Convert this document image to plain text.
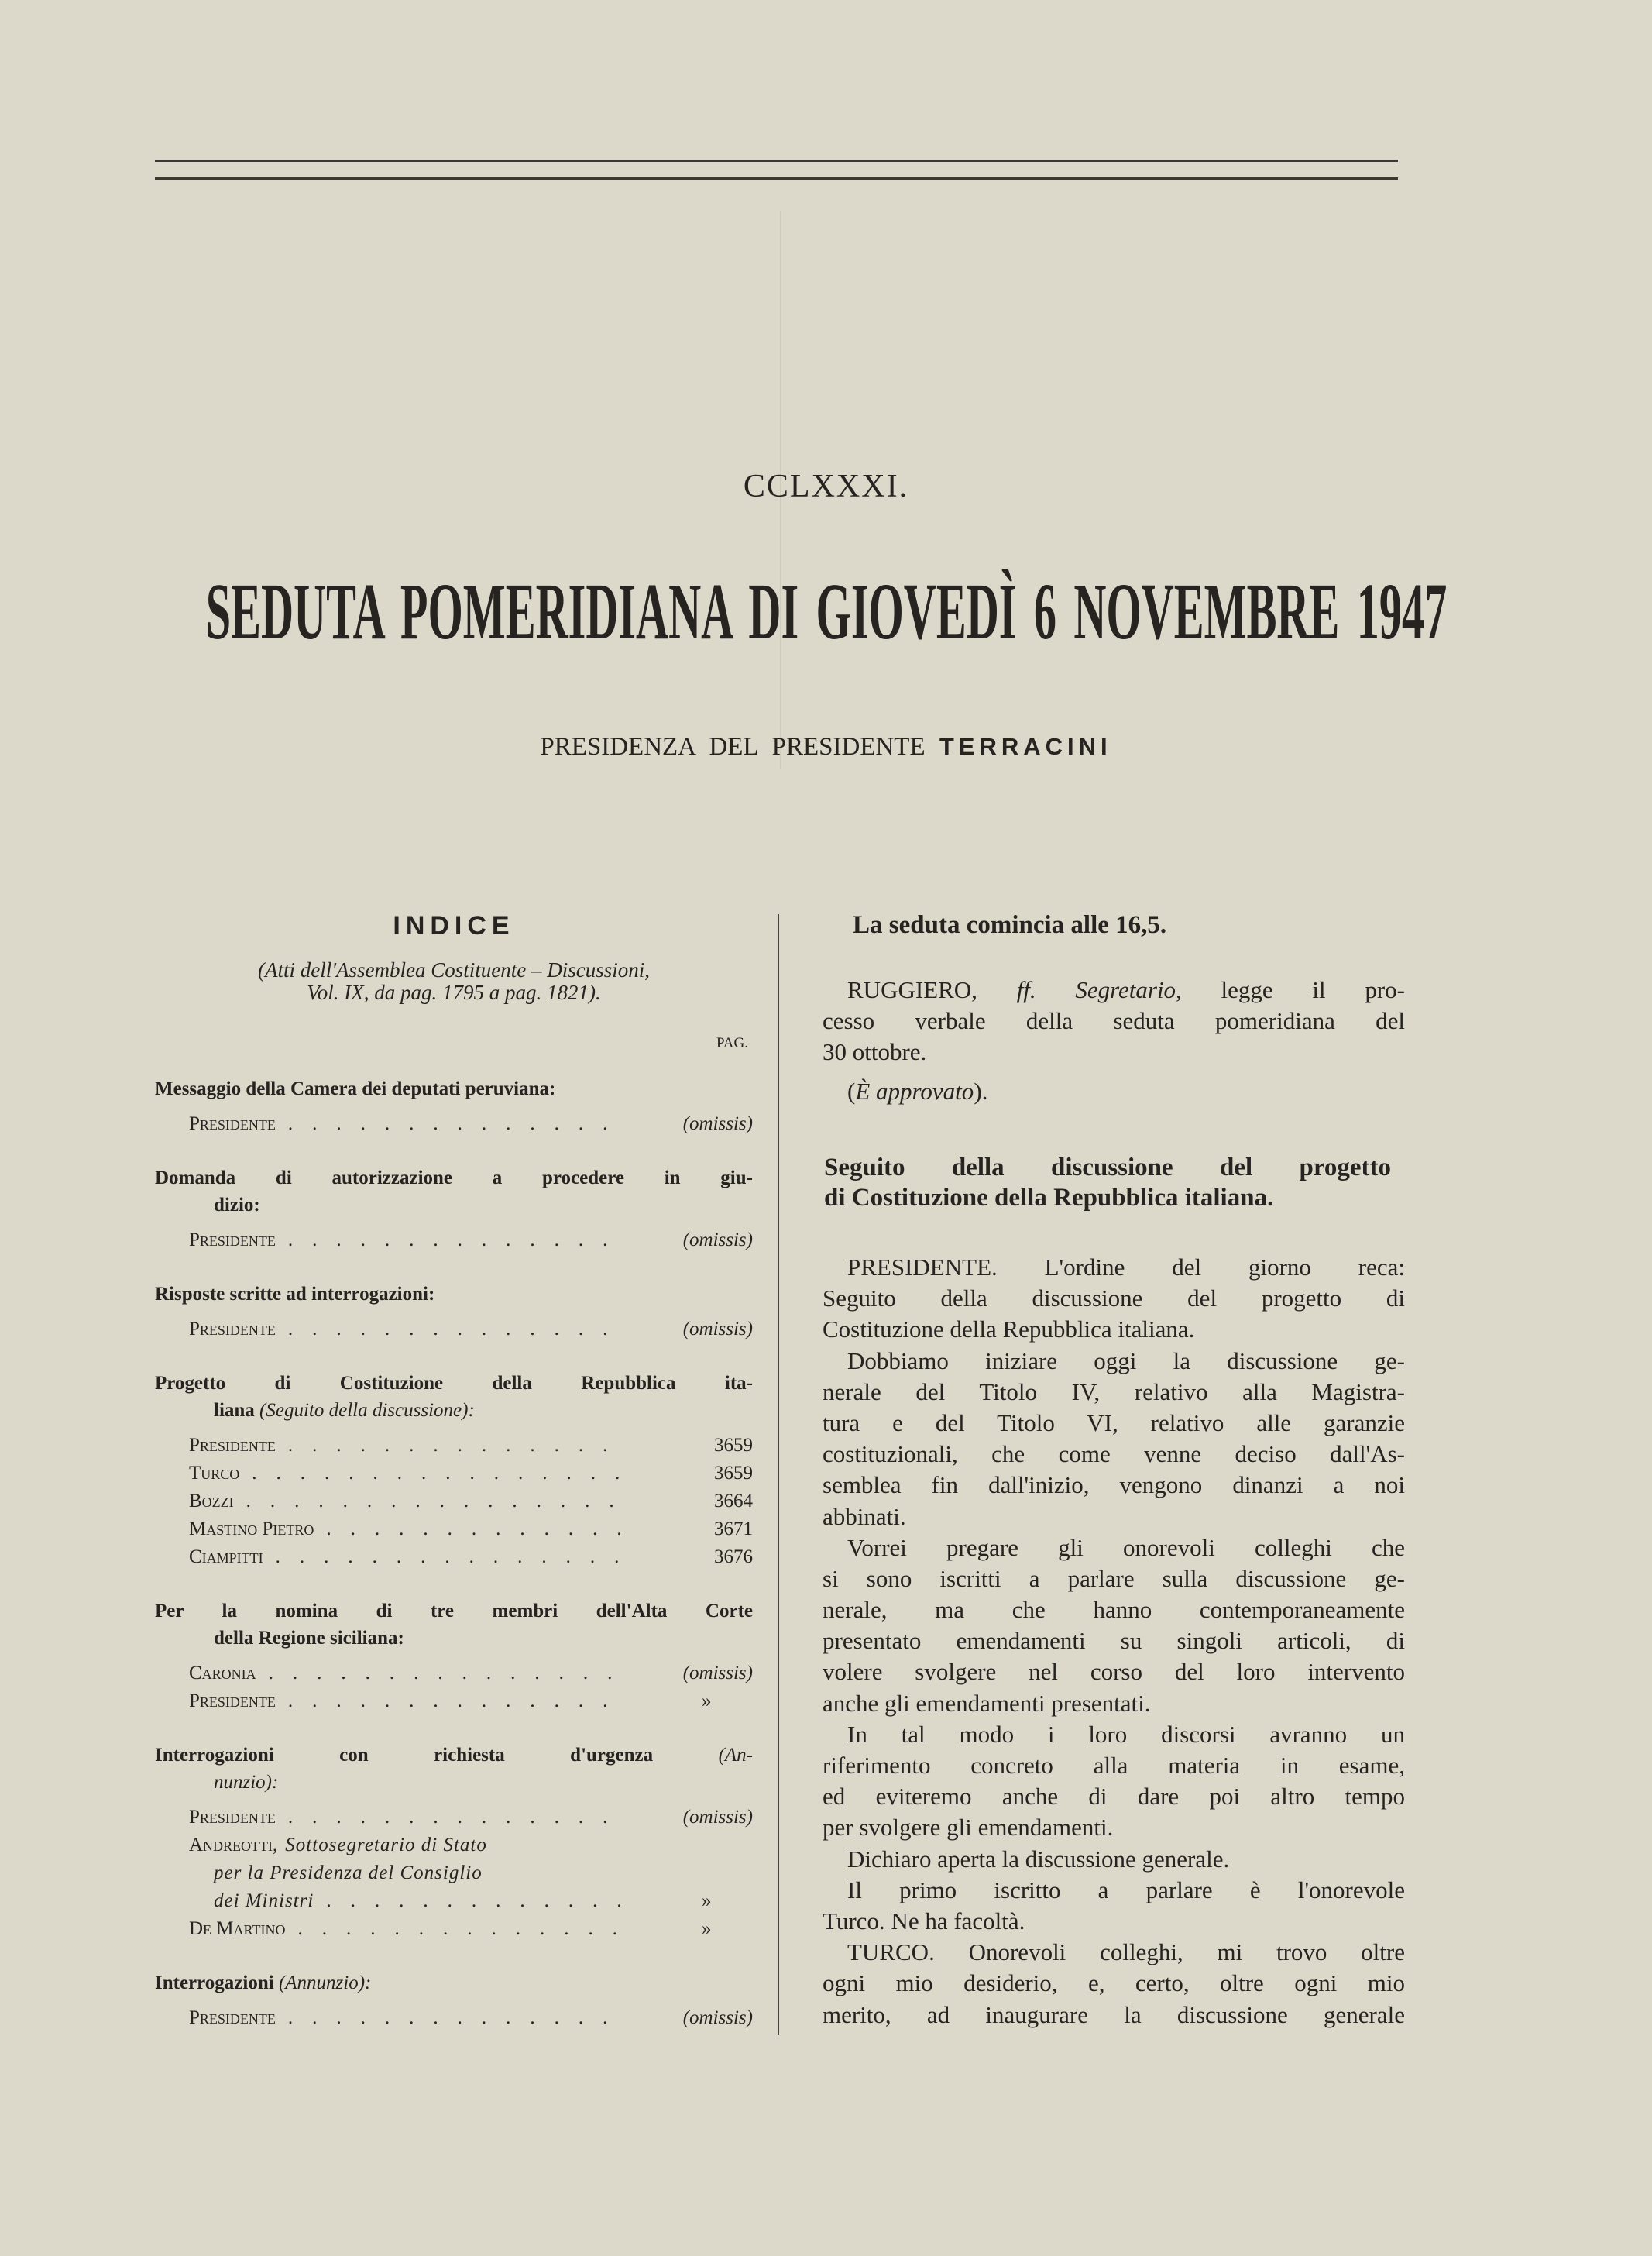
CCLXXXI.
SEDUTA POMERIDIANA DI GIOVEDÌ 6 NOVEMBRE 1947
PRESIDENZA DEL PRESIDENTE TERRACINI
INDICE
(Atti dell'Assemblea Costituente – Discussioni,
Vol. IX, da pag. 1795 a pag. 1821).
PAG.
Messaggio della Camera dei deputati peruviana:
Presidente .  .  .  .  .  .  .  .  .  .  .  .  .  .  	(omissis)
Domanda di autorizzazione a procedere in giu-
dizio:
Presidente .  .  .  .  .  .  .  .  .  .  .  .  .  .  	(omissis)
Risposte scritte ad interrogazioni:
Presidente .  .  .  .  .  .  .  .  .  .  .  .  .  .  	(omissis)
Progetto di Costituzione della Repubblica ita-
liana (Seguito della discussione):
Presidente .  .  .  .  .  .  .  .  .  .  .  .  .  .  	3659
Turco .  .  .  .  .  .  .  .  .  .  .  .  .  .  .  .  	3659
Bozzi .  .  .  .  .  .  .  .  .  .  .  .  .  .  .  .  	3664
Mastino Pietro .  .  .  .  .  .  .  .  .  .  .  .  .  	3671
Ciampitti .  .  .  .  .  .  .  .  .  .  .  .  .  .  .  	3676
Per la nomina di tre membri dell'Alta Corte
della Regione siciliana:
Caronia .  .  .  .  .  .  .  .  .  .  .  .  .  .  .  	(omissis)
Presidente .  .  .  .  .  .  .  .  .  .  .  .  .  .  	»
Interrogazioni con richiesta d'urgenza (An-
nunzio):
Presidente .  .  .  .  .  .  .  .  .  .  .  .  .  .  	(omissis)
Andreotti, Sottosegretario di Stato
per la Presidenza del Consiglio
dei Ministri .  .  .  .  .  .  .  .  .  .  .  .  .  	»
De Martino .  .  .  .  .  .  .  .  .  .  .  .  .  .  	»
Interrogazioni (Annunzio):
Presidente .  .  .  .  .  .  .  .  .  .  .  .  .  .  	(omissis)
La seduta comincia alle 16,5.
RUGGIERO, ff. Segretario, legge il pro-
cesso verbale della seduta pomeridiana del
30 ottobre.
(È approvato).
Seguito della discussione del progetto
di Costituzione della Repubblica italiana.
PRESIDENTE. L'ordine del giorno reca:
Seguito della discussione del progetto di
Costituzione della Repubblica italiana.
Dobbiamo iniziare oggi la discussione ge-
nerale del Titolo IV, relativo alla Magistra-
tura e del Titolo VI, relativo alle garanzie
costituzionali, che come venne deciso dall'As-
semblea fin dall'inizio, vengono dinanzi a noi
abbinati.
Vorrei pregare gli onorevoli colleghi che
si sono iscritti a parlare sulla discussione ge-
nerale, ma che hanno contemporaneamente
presentato emendamenti su singoli articoli, di
volere svolgere nel corso del loro intervento
anche gli emendamenti presentati.
In tal modo i loro discorsi avranno un
riferimento concreto alla materia in esame,
ed eviteremo anche di dare poi altro tempo
per svolgere gli emendamenti.
Dichiaro aperta la discussione generale.
Il primo iscritto a parlare è l'onorevole
Turco. Ne ha facoltà.
TURCO. Onorevoli colleghi, mi trovo oltre
ogni mio desiderio, e, certo, oltre ogni mio
merito, ad inaugurare la discussione generale
